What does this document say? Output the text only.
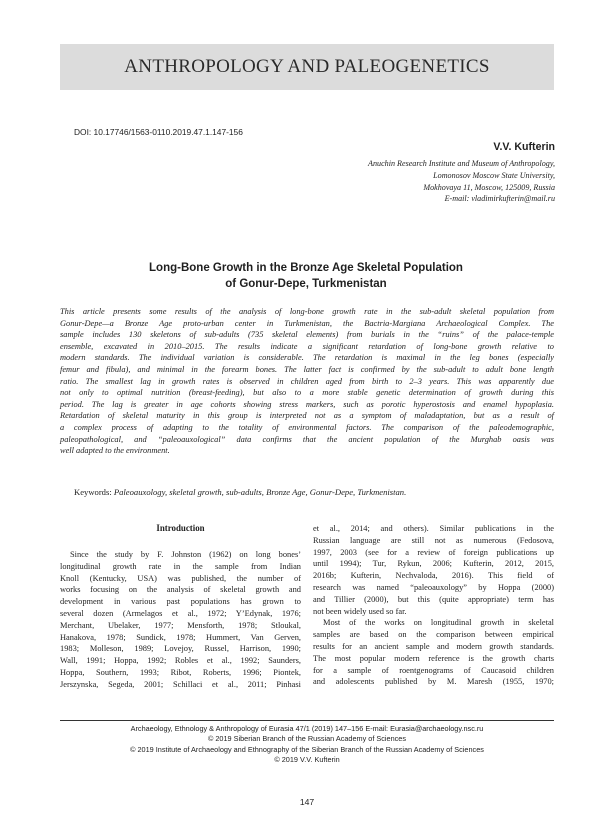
ANTHROPOLOGY AND PALEOGENETICS
DOI: 10.17746/1563-0110.2019.47.1.147-156
V.V. Kufterin
Anuchin Research Institute and Museum of Anthropology,
Lomonosov Moscow State University,
Mokhovaya 11, Moscow, 125009, Russia
E-mail: vladimirkufterin@mail.ru
Long-Bone Growth in the Bronze Age Skeletal Population
of Gonur-Depe, Turkmenistan
This article presents some results of the analysis of long-bone growth rate in the sub-adult skeletal population from
Gonur-Depe—a Bronze Age proto-urban center in Turkmenistan, the Bactria-Margiana Archaeological Complex. The
sample includes 130 skeletons of sub-adults (735 skeletal elements) from burials in the “ruins” of the palace-temple
ensemble, excavated in 2010–2015. The results indicate a significant retardation of long-bone growth relative to
modern standards. The individual variation is considerable. The retardation is maximal in the leg bones (especially
femur and fibula), and minimal in the forearm bones. The latter fact is confirmed by the sub-adult to adult bone length
ratio. The smallest lag in growth rates is observed in children aged from birth to 2–3 years. This was apparently due
not only to optimal nutrition (breast-feeding), but also to a more stable genetic determination of growth during this
period. The lag is greater in age cohorts showing stress markers, such as porotic hyperostosis and enamel hypoplasia.
Retardation of skeletal maturity in this group is interpreted not as a symptom of maladaptation, but as a result of
a complex process of adapting to the totality of environmental factors. The comparison of the paleodemographic,
paleopathological, and “paleoauxological” data confirms that the ancient population of the Murghab oasis was
well adapted to the environment.
Keywords: Paleoauxology, skeletal growth, sub-adults, Bronze Age, Gonur-Depe, Turkmenistan.
Introduction
Since the study by F. Johnston (1962) on long bones’
longitudinal growth rate in the sample from Indian
Knoll (Kentucky, USA) was published, the number of
works focusing on the analysis of skeletal growth and
development in various past populations has grown to
several dozen (Armelagos et al., 1972; Y’Edynak, 1976;
Merchant, Ubelaker, 1977; Mensforth, 1978; Stloukal,
Hanakova, 1978; Sundick, 1978; Hummert, Van Gerven,
1983; Molleson, 1989; Lovejoy, Russel, Harrison, 1990;
Wall, 1991; Hoppa, 1992; Robles et al., 1992; Saunders,
Hoppa, Southern, 1993; Ribot, Roberts, 1996; Piontek,
Jerszynska, Segeda, 2001; Schillaci et al., 2011; Pinhasi
et al., 2014; and others). Similar publications in the
Russian language are still not as numerous (Fedosova,
1997, 2003 (see for a review of foreign publications up
until 1994); Tur, Rykun, 2006; Kufterin, 2012, 2015,
2016b; Kufterin, Nechvaloda, 2016). This field of
research was named “paleoauxology” by Hoppa (2000)
and Tillier (2000), but this (quite appropriate) term has
not been widely used so far.
Most of the works on longitudinal growth in skeletal
samples are based on the comparison between empirical
results for an ancient sample and modern growth standards.
The most popular modern reference is the growth charts
for a sample of roentgenograms of Caucasoid children
and adolescents published by M. Maresh (1955, 1970;
Archaeology, Ethnology & Anthropology of Eurasia 47/1 (2019) 147–156 E-mail: Eurasia@archaeology.nsc.ru
© 2019 Siberian Branch of the Russian Academy of Sciences
© 2019 Institute of Archaeology and Ethnography of the Siberian Branch of the Russian Academy of Sciences
© 2019 V.V. Kufterin
147
